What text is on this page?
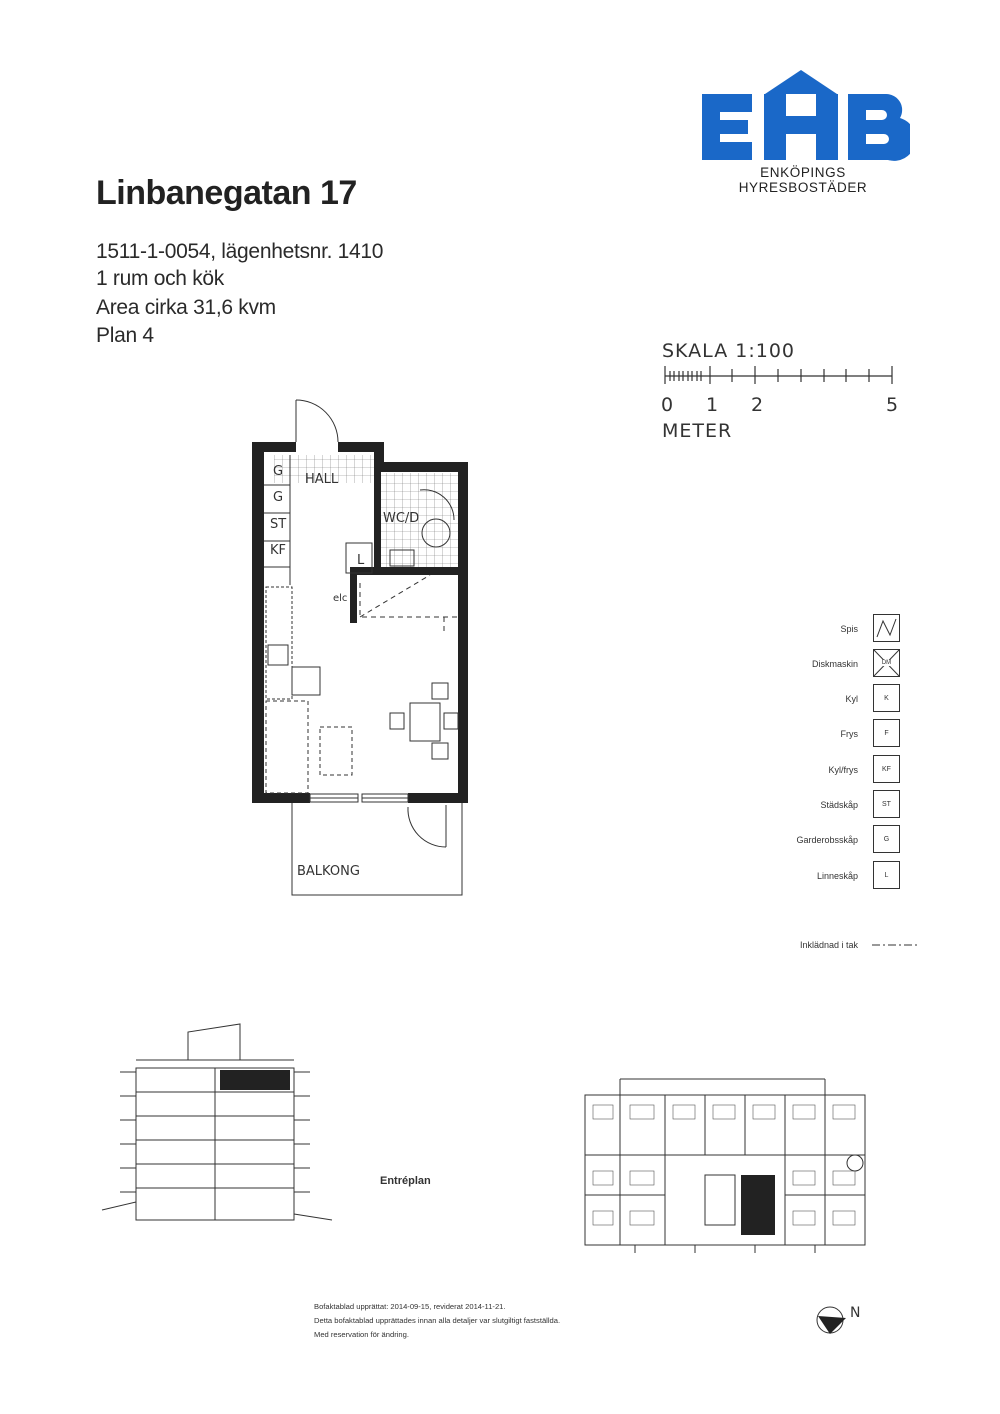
ENKÖPINGS HYRESBOSTÄDER
Linbanegatan 17
1511-1-0054, lägenhetsnr. 1410
1 rum och kök
Area cirka 31,6 kvm
Plan 4
SKALA 1:100
0 1 2	5
METER
HALL
WC/D
G
G
ST
KF
L
elc
BALKONG
Spis
Diskmaskin	DM
Kyl	K
Frys	F
Kyl/frys	KF
Städskåp	ST
Garderobsskåp	G
Linneskåp	L
Inklädnad i tak
Entréplan
Bofaktablad upprättat: 2014-09-15, reviderat 2014-11-21.
Detta bofaktablad upprättades innan alla detaljer var slutgiltigt fastställda.
Med reservation för ändring.
N
